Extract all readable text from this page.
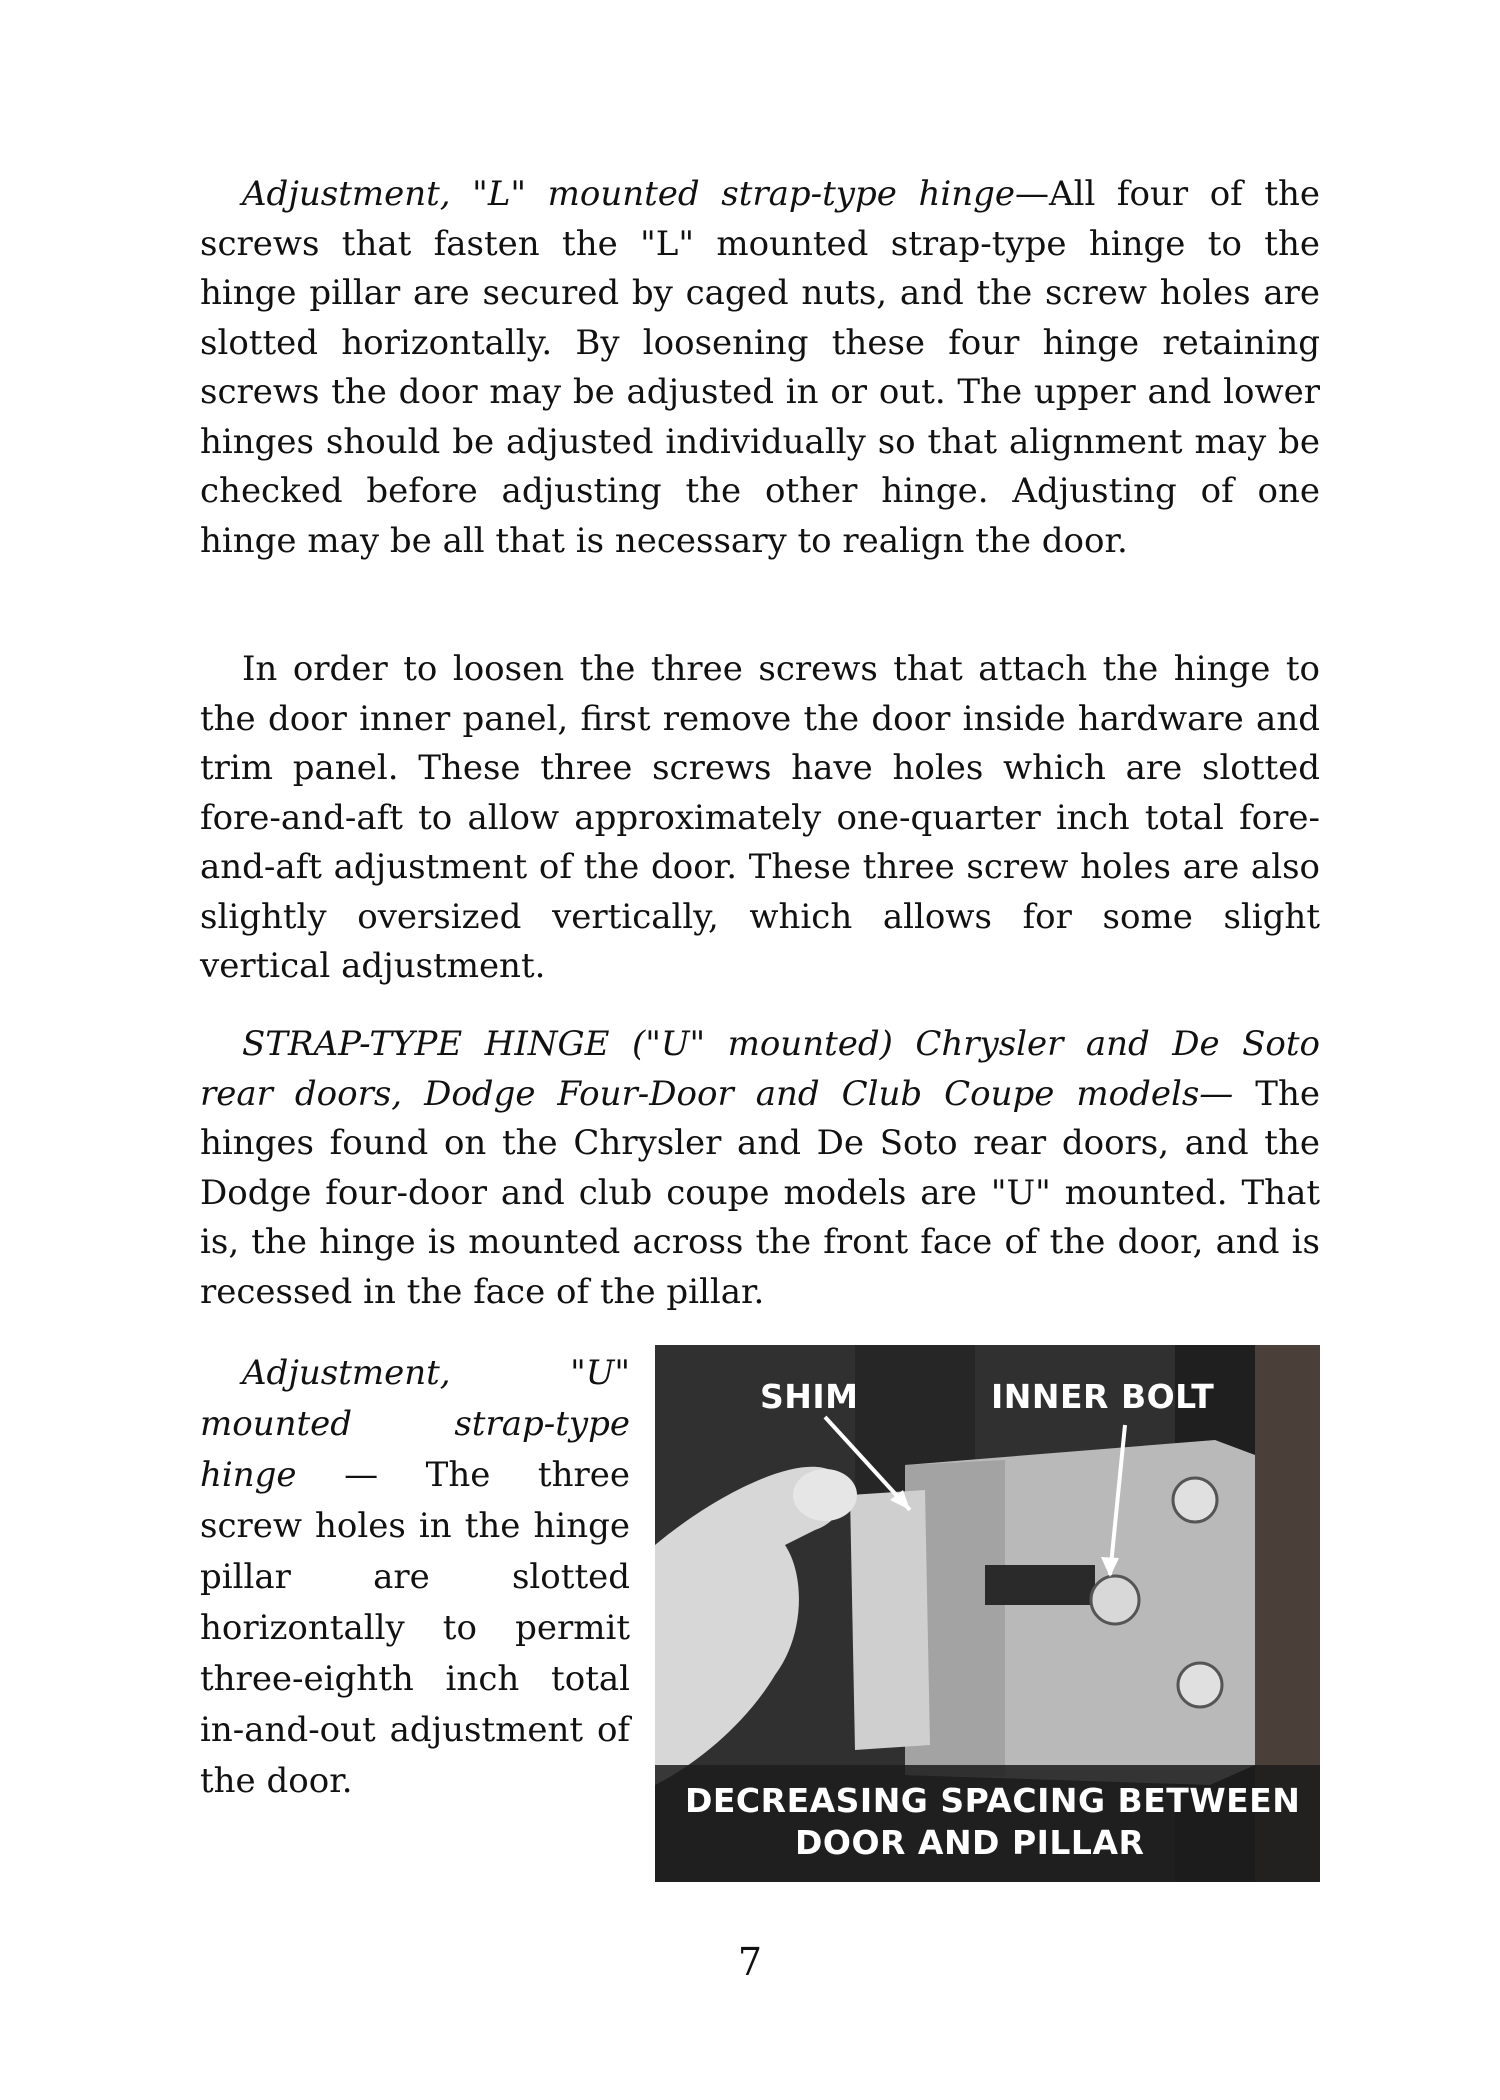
Adjustment, "L" mounted strap-type hinge—All four of the screws that fasten the "L" mounted strap-type hinge to the hinge pillar are secured by caged nuts, and the screw holes are slotted horizontally. By loosening these four hinge retaining screws the door may be adjusted in or out. The upper and lower hinges should be adjusted individually so that alignment may be checked before adjusting the other hinge. Adjusting of one hinge may be all that is necessary to realign the door.

In order to loosen the three screws that attach the hinge to the door inner panel, first remove the door inside hardware and trim panel. These three screws have holes which are slotted fore-and-aft to allow approximately one-quarter inch total fore-and-aft adjustment of the door. These three screw holes are also slightly oversized vertically, which allows for some slight vertical adjustment.

STRAP-TYPE HINGE ("U" mounted) Chrysler and De Soto rear doors, Dodge Four-Door and Club Coupe models— The hinges found on the Chrysler and De Soto rear doors, and the Dodge four-door and club coupe models are "U" mounted. That is, the hinge is mounted across the front face of the door, and is recessed in the face of the pillar.

Adjustment, "U" mounted strap-type hinge — The three screw holes in the hinge pillar are slotted horizontally to permit three-eighth inch total in-and-out adjustment of the door.

SHIM	INNER BOLT
DECREASING SPACING BETWEEN
DOOR AND PILLAR
7
